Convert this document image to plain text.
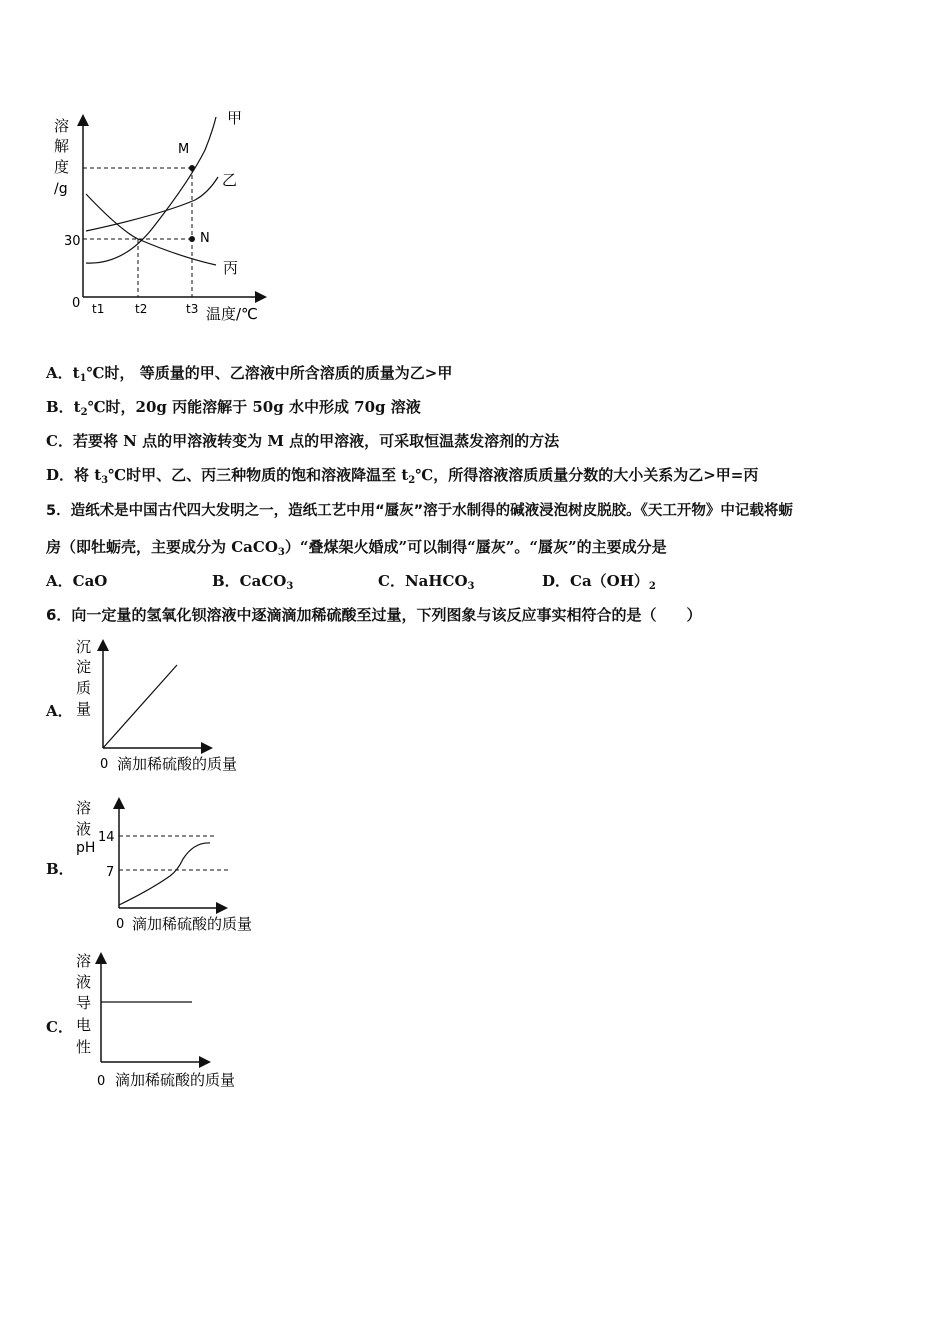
溶
解
度
/g
0
30
M
N
甲
乙
丙
t1	t2	t3 温度/℃
A．$t_1℃$时， 等质量的甲、乙溶液中所含溶质的质量为乙>甲
B．$t_2℃$时，20g 丙能溶解于 50g 水中形成 70g 溶液
C．若要将 N 点的甲溶液转变为 M 点的甲溶液，可采取恒温蒸发溶剂的方法
D．将 $t_3℃$时甲、乙、丙三种物质的饱和溶液降温至 $t_2℃$，所得溶液溶质质量分数的大小关系为乙>甲=丙
5．造纸术是中国古代四大发明之一，造纸工艺中用“蜃灰”溶于水制得的碱液浸泡树皮脱胶。《天工开物》中记载将蛎
房（即牡蛎壳，主要成分为 CaCO$_3$）“叠煤架火婚成”可以制得“蜃灰”。“蜃灰”的主要成分是
A．CaO	B．CaCO$_3$	C．NaHCO$_3$	D．$Ca(OH)_2$
6．向一定量的氢氧化钡溶液中逐滴滴加稀硫酸至过量，下列图象与该反应事实相符合的是（　　）
A．
沉
淀
质
量
0 滴加稀硫酸的质量
B．
溶
液
pH
14
7
0 滴加稀硫酸的质量
C．
溶
液
导
电
性
0 滴加稀硫酸的质量
